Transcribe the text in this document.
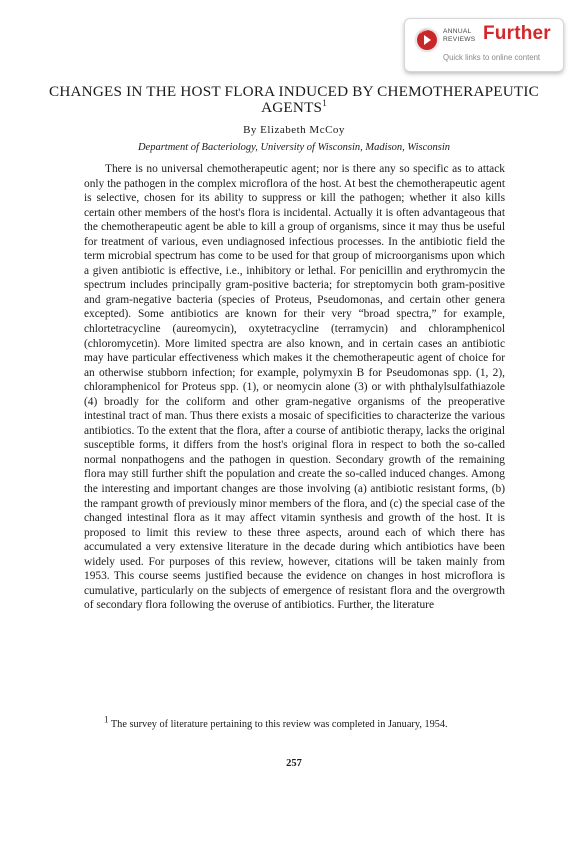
ANNUAL
REVIEWS Further
Quick links to online content
CHANGES IN THE HOST FLORA INDUCED BY CHEMOTHERAPEUTIC AGENTS$^1$
By Elizabeth McCoy
Department of Bacteriology, University of Wisconsin, Madison, Wisconsin

There is no universal chemotherapeutic agent; nor is there any so specific as to attack only the pathogen in the complex microflora of the host. At best the chemotherapeutic agent is selective, chosen for its ability to suppress or kill the pathogen; whether it also kills certain other members of the host's flora is incidental. Actually it is often advantageous that the chemotherapeutic agent be able to kill a group of organisms, since it may thus be useful for treatment of various, even undiagnosed infectious processes. In the antibiotic field the term microbial spectrum has come to be used for that group of microorganisms upon which a given antibiotic is effective, i.e., inhibitory or lethal. For penicillin and erythromycin the spectrum includes principally gram-positive bacteria; for streptomycin both gram-positive and gram-negative bacteria (species of Proteus, Pseudomonas, and certain other genera excepted). Some antibiotics are known for their very “broad spectra,” for example, chlortetracycline (aureomycin), oxytetracycline (terramycin) and chloramphenicol (chloromycetin). More limited spectra are also known, and in certain cases an antibiotic may have particular effectiveness which makes it the chemotherapeutic agent of choice for an otherwise stubborn infection; for example, polymyxin B for Pseudomonas spp. (1, 2), chloramphenicol for Proteus spp. (1), or neomycin alone (3) or with phthalylsulfathiazole (4) broadly for the coliform and other gram-negative organisms of the preoperative intestinal tract of man. Thus there exists a mosaic of specificities to characterize the various antibiotics. To the extent that the flora, after a course of antibiotic therapy, lacks the original susceptible forms, it differs from the host's original flora in respect to both the so-called normal nonpathogens and the pathogen in question. Secondary growth of the remaining flora may still further shift the population and create the so-called induced changes. Among the interesting and important changes are those involving (a) antibiotic resistant forms, (b) the rampant growth of previously minor members of the flora, and (c) the special case of the changed intestinal flora as it may affect vitamin synthesis and growth of the host. It is proposed to limit this review to these three aspects, around each of which there has accumulated a very extensive literature in the decade during which antibiotics have been widely used. For purposes of this review, however, citations will be taken mainly from 1953. This course seems justified because the evidence on changes in host microflora is cumulative, particularly on the subjects of emergence of resistant flora and the overgrowth of secondary flora following the overuse of antibiotics. Further, the literature

1 The survey of literature pertaining to this review was completed in January, 1954.

257
